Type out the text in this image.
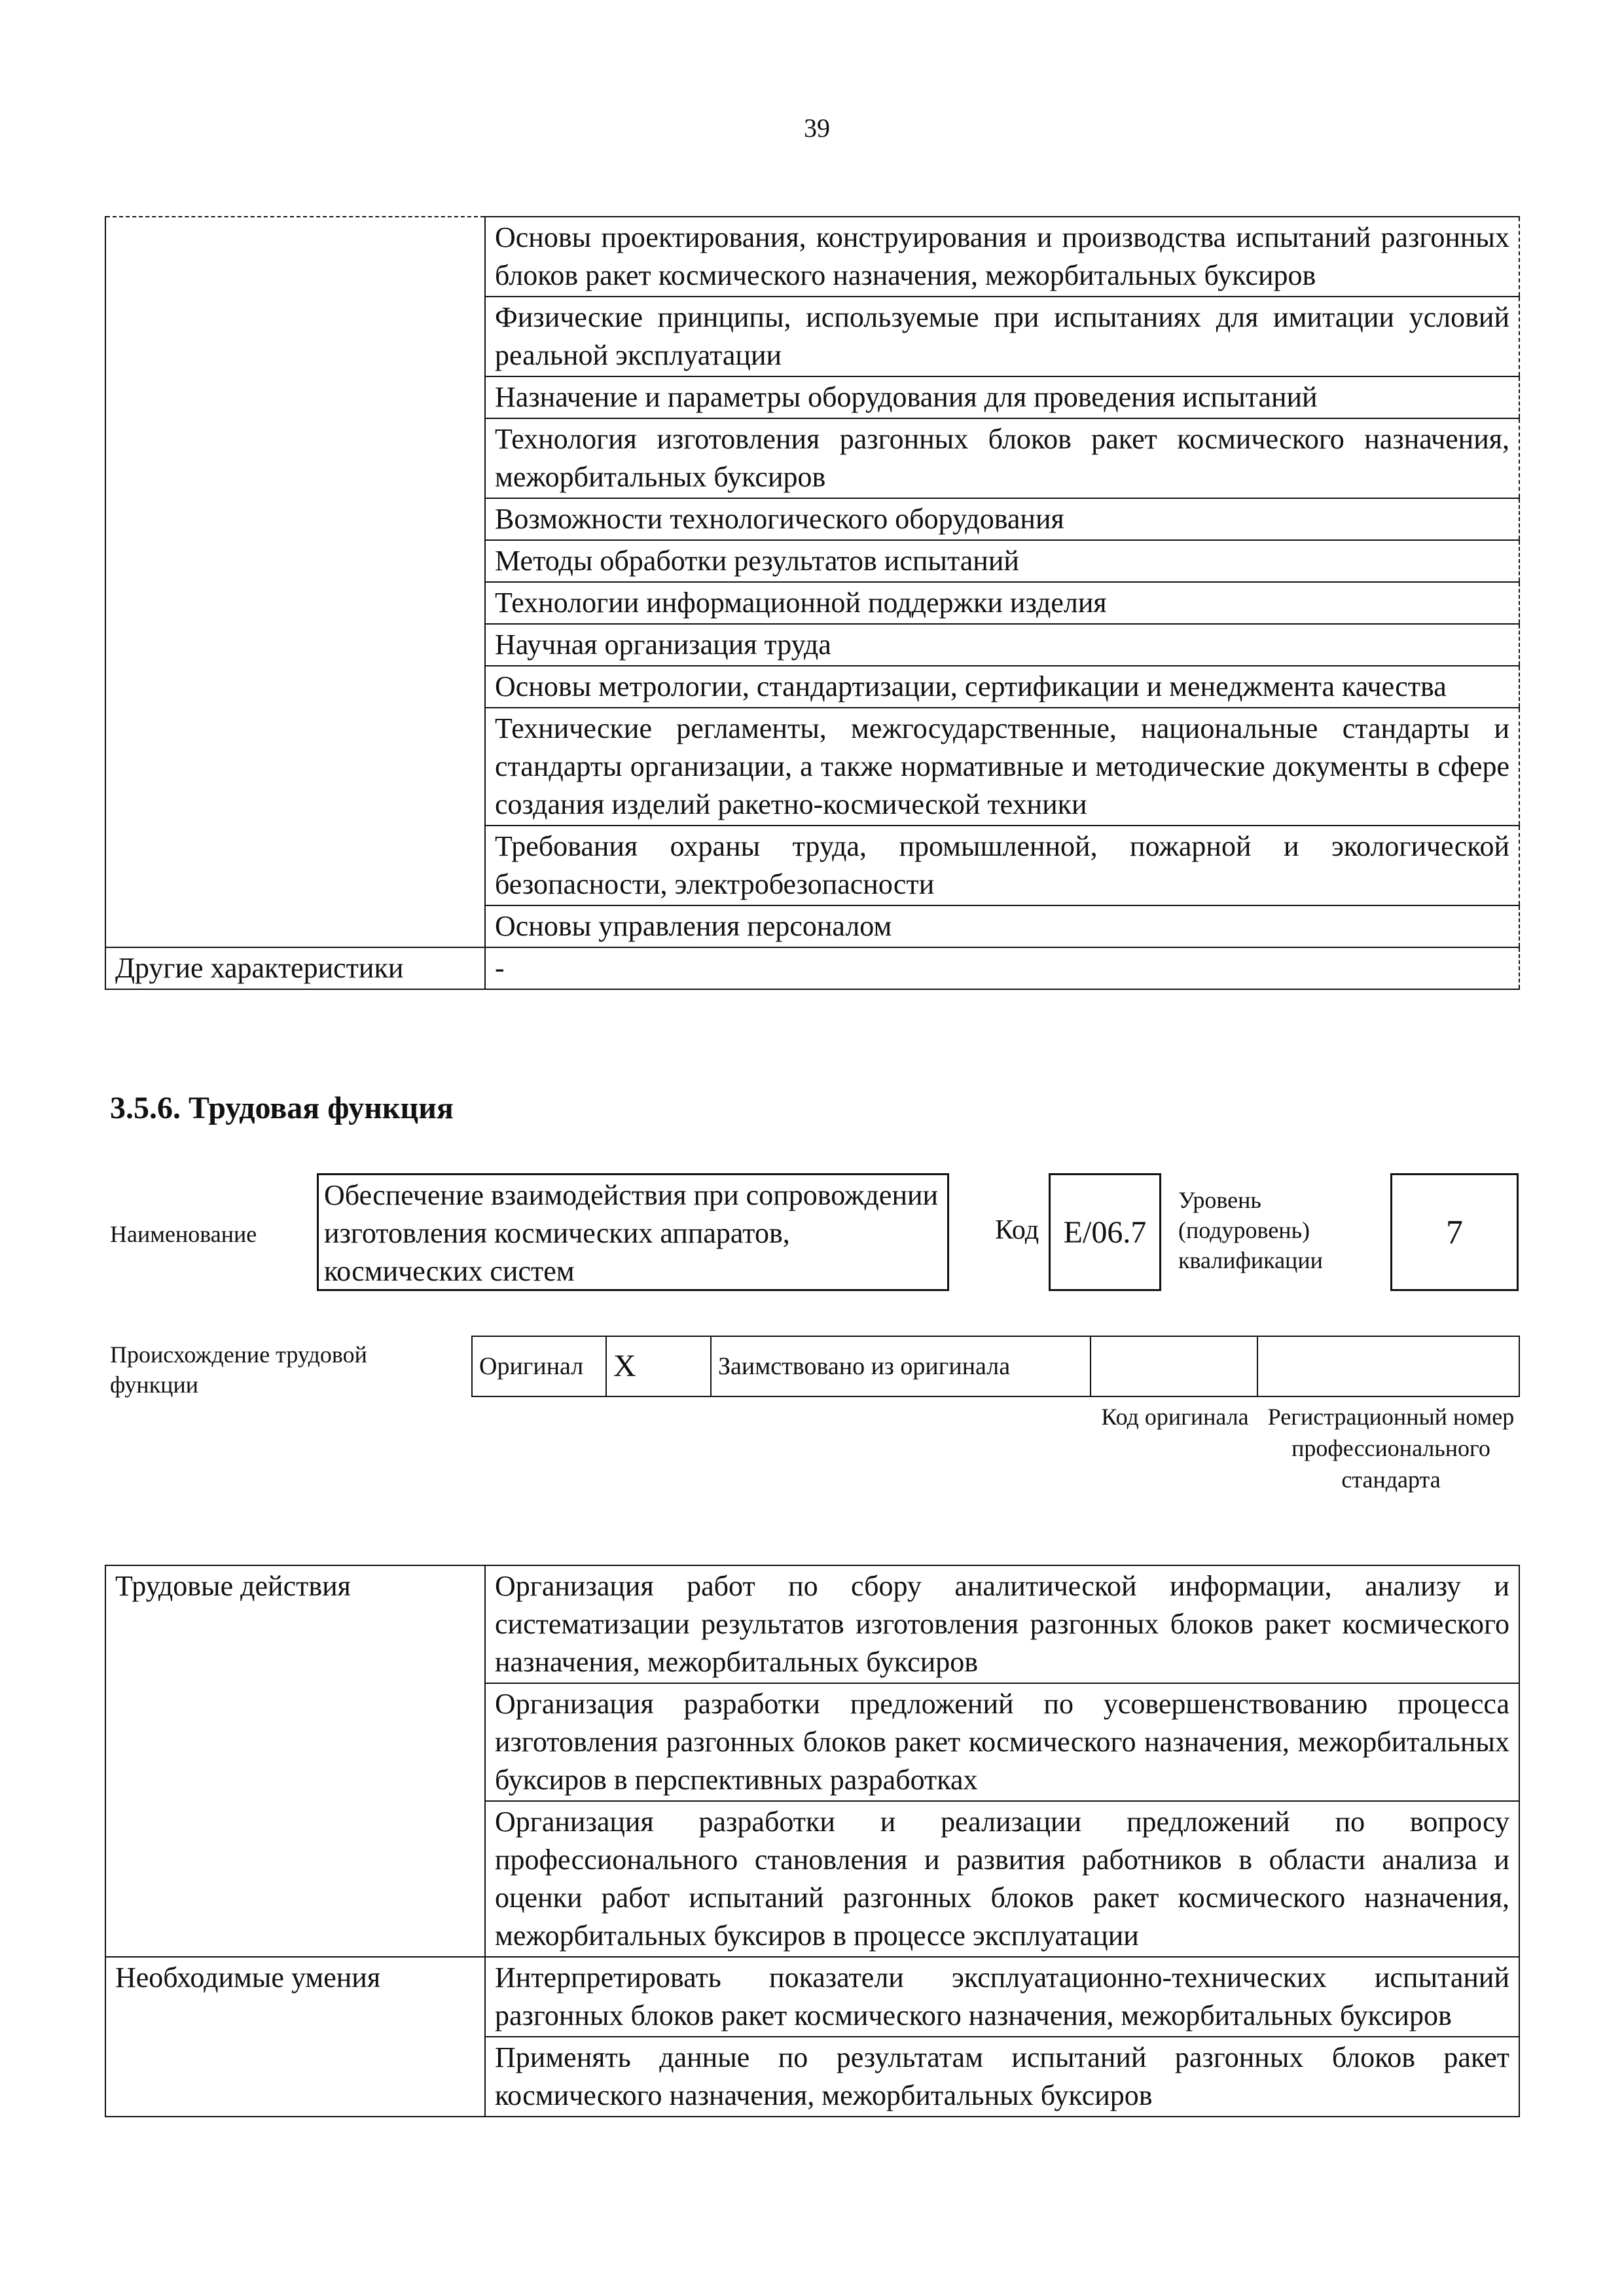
39
	Основы проектирования, конструирования и производства испытаний разгонных блоков ракет космического назначения, межорбитальных буксиров
	Физические принципы, используемые при испытаниях для имитации условий реальной эксплуатации
	Назначение и параметры оборудования для проведения испытаний
	Технология изготовления разгонных блоков ракет космического назначения, межорбитальных буксиров
	Возможности технологического оборудования
	Методы обработки результатов испытаний
	Технологии информационной поддержки изделия
	Научная организация труда
	Основы метрологии, стандартизации, сертификации и менеджмента качества
	Технические регламенты, межгосударственные, национальные стандарты и стандарты организации, а также нормативные и методические документы в сфере создания изделий ракетно-космической техники
	Требования охраны труда, промышленной, пожарной и экологической безопасности, электробезопасности
	Основы управления персоналом
Другие характеристики	-
3.5.6. Трудовая функция
Наименование
Обеспечение взаимодействия при сопровождении изготовления космических аппаратов, космических систем
Код E/06.7
Уровень (подуровень) квалификации
7
Происхождение трудовой функции
Оригинал	X	Заимствовано из оригинала		
Код оригинала Регистрационный номер профессионального стандарта
Трудовые действия	Организация работ по сбору аналитической информации, анализу и систематизации результатов изготовления разгонных блоков ракет космического назначения, межорбитальных буксиров
	Организация разработки предложений по усовершенствованию процесса изготовления разгонных блоков ракет космического назначения, межорбитальных буксиров в перспективных разработках
	Организация разработки и реализации предложений по вопросу профессионального становления и развития работников в области анализа и оценки работ испытаний разгонных блоков ракет космического назначения, межорбитальных буксиров в процессе эксплуатации
Необходимые умения	Интерпретировать показатели эксплуатационно-технических испытаний разгонных блоков ракет космического назначения, межорбитальных буксиров
	Применять данные по результатам испытаний разгонных блоков ракет космического назначения, межорбитальных буксиров
